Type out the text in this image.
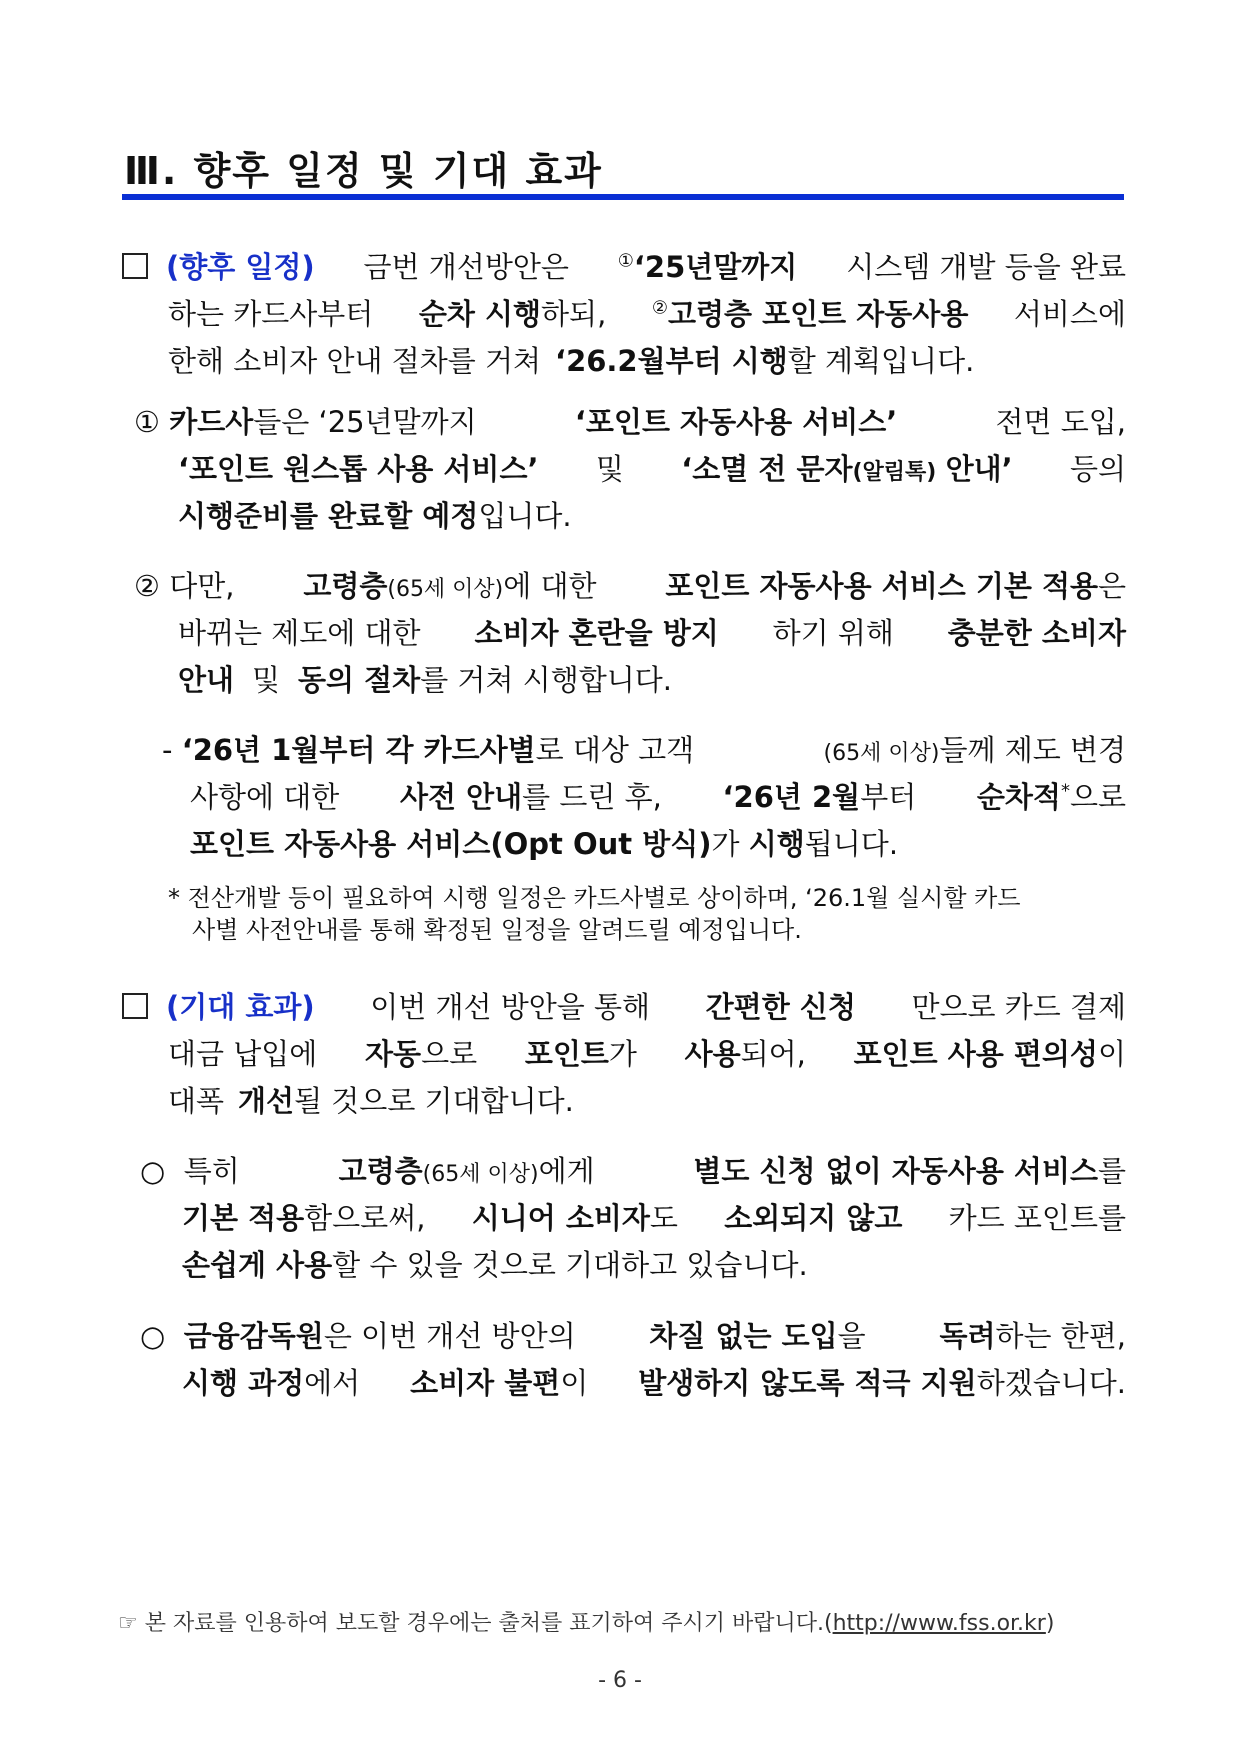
Ⅲ. 향후 일정 및 기대 효과
(향후 일정) 금번 개선방안은	①‘25년말까지 시스템 개발 등을 완료
하는 카드사부터 순차 시행하되,	②고령층 포인트 자동사용 서비스에
한해 소비자 안내 절차를 거쳐 ‘26.2월부터 시행할 계획입니다.
① 카드사들은 ‘25년말까지	‘포인트 자동사용 서비스’	전면 도입,
‘포인트 원스톱 사용 서비스’ 및 ‘소멸 전 문자(알림톡) 안내’ 등의
시행준비를 완료할 예정 입니다.
② 다만, 고령층(65세 이상)에 대한 포인트 자동사용 서비스 기본 적용은
바뀌는 제도에 대한 소비자 혼란을 방지 하기 위해 충분한 소비자
안내 및 동의 절차를 거쳐 시행합니다.
- ‘26년 1월부터 각 카드사별로 대상 고객	(65세 이상)들께 제도 변경
사항에 대한 사전 안내를 드린 후, ‘26년 2월부터 순차적*으로
포인트 자동사용 서비스 (Opt Out 방식) 가
시행 됩니다.
* 전산개발 등이 필요하여 시행 일정은 카드사별로 상이하며, ‘26.1월 실시할 카드
사별 사전안내를 통해 확정된 일정을 알려드릴 예정입니다.
(기대 효과) 이번 개선 방안을 통해 간편한 신청 만으로 카드 결제
대금 납입에 자동으로 포인트가 사용되어, 포인트 사용 편의성이
대폭 개선될 것으로 기대합니다.
○ 특히	고령층(65세 이상)에게	별도 신청 없이 자동사용 서비스를
기본 적용함으로써, 시니어 소비자도 소외되지 않고 카드 포인트를
손쉽게 사용 할 수 있을 것으로 기대하고 있습니다.
○ 금융감독원은 이번 개선 방안의	차질 없는 도입을	독려하는 한편,
시행 과정에서 소비자 불편이 발생하지 않도록 적극 지원하겠습니다.
☞ 본 자료를 인용하여 보도할 경우에는 출처를 표기하여 주시기 바랍니다.(http://www.fss.or.kr)
- 6 -
